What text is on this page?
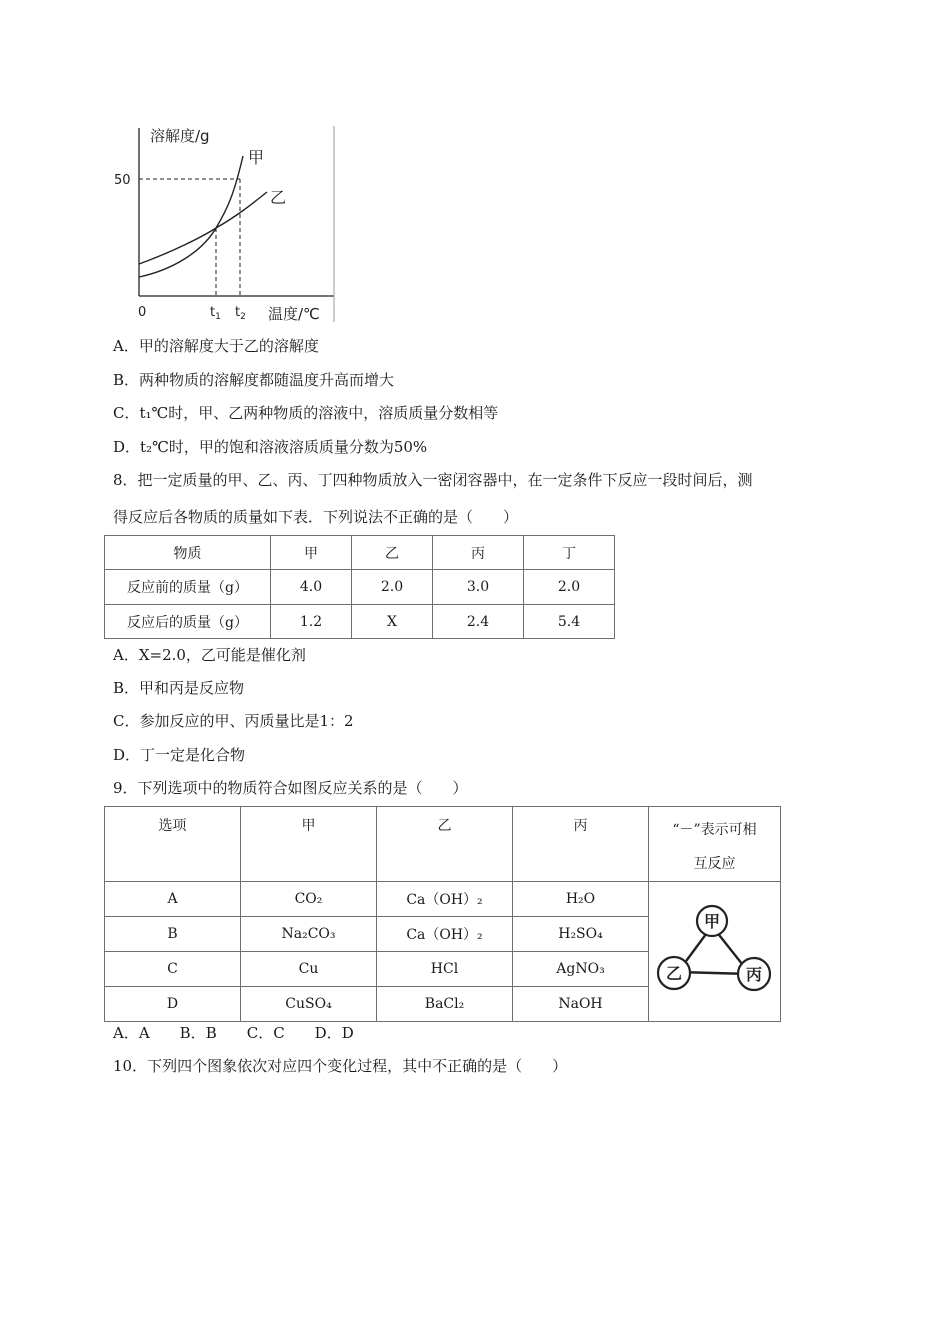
溶解度/g
50
甲
乙
0	$t_1$ $t_2$ 温度/℃
A．甲的溶解度大于乙的溶解度
B．两种物质的溶解度都随温度升高而增大
C．t₁℃时，甲、乙两种物质的溶液中，溶质质量分数相等
D．t₂℃时，甲的饱和溶液溶质质量分数为50%
8．把一定质量的甲、乙、丙、丁四种物质放入一密闭容器中，在一定条件下反应一段时间后，测
得反应后各物质的质量如下表．下列说法不正确的是（　　）
物质	甲	乙	丙	丁
反应前的质量（g）	4.0	2.0	3.0	2.0
反应后的质量（g）	1.2	X	2.4	5.4
A．X=2.0，乙可能是催化剂
B．甲和丙是反应物
C．参加反应的甲、丙质量比是1：2
D．丁一定是化合物
9．下列选项中的物质符合如图反应关系的是（　　）
选项	甲	乙	丙	“－”表示可相
互反应

A	CO₂	Ca（OH）₂	H₂O	甲
乙 丙

B	Na₂CO₃	Ca（OH）₂	H₂SO₄	
C	Cu	HCl	AgNO₃	
D	CuSO₄	BaCl₂	NaOH	
A．A　　B．B　　C．C　　D．D
10．下列四个图象依次对应四个变化过程，其中不正确的是（　　）
